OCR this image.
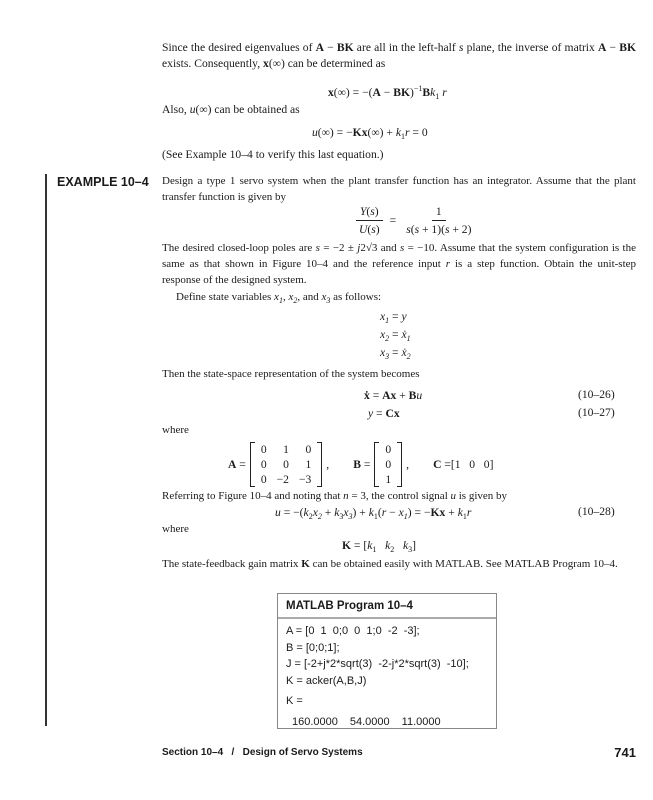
Since the desired eigenvalues of A − BK are all in the left-half s plane, the inverse of matrix A − BK exists. Consequently, x(∞) can be determined as
$x(\infty) = -(A - BK)^{-1}Bk_1$ r
Also, u(∞) can be obtained as
$u(\infty) = -Kx(\infty) + k_1r = 0$
(See Example 10–4 to verify this last equation.)
EXAMPLE 10–4 Design a type 1 servo system when the plant transfer function has an integrator. Assume that the plant transfer function is given by
$\frac{Y(s)}{U(s)} = \frac{1}{s(s + 1)(s + 2)}$
The desired closed-loop poles are s = −2 ± j2√3 and s = −10. Assume that the system configuration is the same as that shown in Figure 10–4 and the reference input r is a step function. Obtain the unit-step response of the designed system.
Define state variables $x_1$, $x_2$, and $x_3$ as follows:
$x_1 = y$
$x_2$ = ẋ$_1$
$x_3$ = ẋ$_2$
Then the state-space representation of the system becomes
ẋ = Ax + Bu	(10–26)
y = Cx	(10–27)
where
A =
0	1	0
0	0	1
0 −2 −3
, B =
0
0
1
, C = [1 0 0]
Referring to Figure 10–4 and noting that n = 3, the control signal u is given by
$u = -(k_2x_2 + k_3x_3) + k_1(r - x_1) = -Kx + k_1r$	(10–28)
where
$K = [k_1$ $k_2$ $k_3$]
The state-feedback gain matrix K can be obtained easily with MATLAB. See MATLAB Program 10–4.
MATLAB Program 10–4
A = [0  1  0;0  0  1;0  -2  -3];
B = [0;0;1];
J = [-2+j*2*sqrt(3)  -2-j*2*sqrt(3)  -10];
K = acker(A,B,J)
K =
160.0000 54.0000 11.0000
Section 10–4   /   Design of Servo Systems	741
